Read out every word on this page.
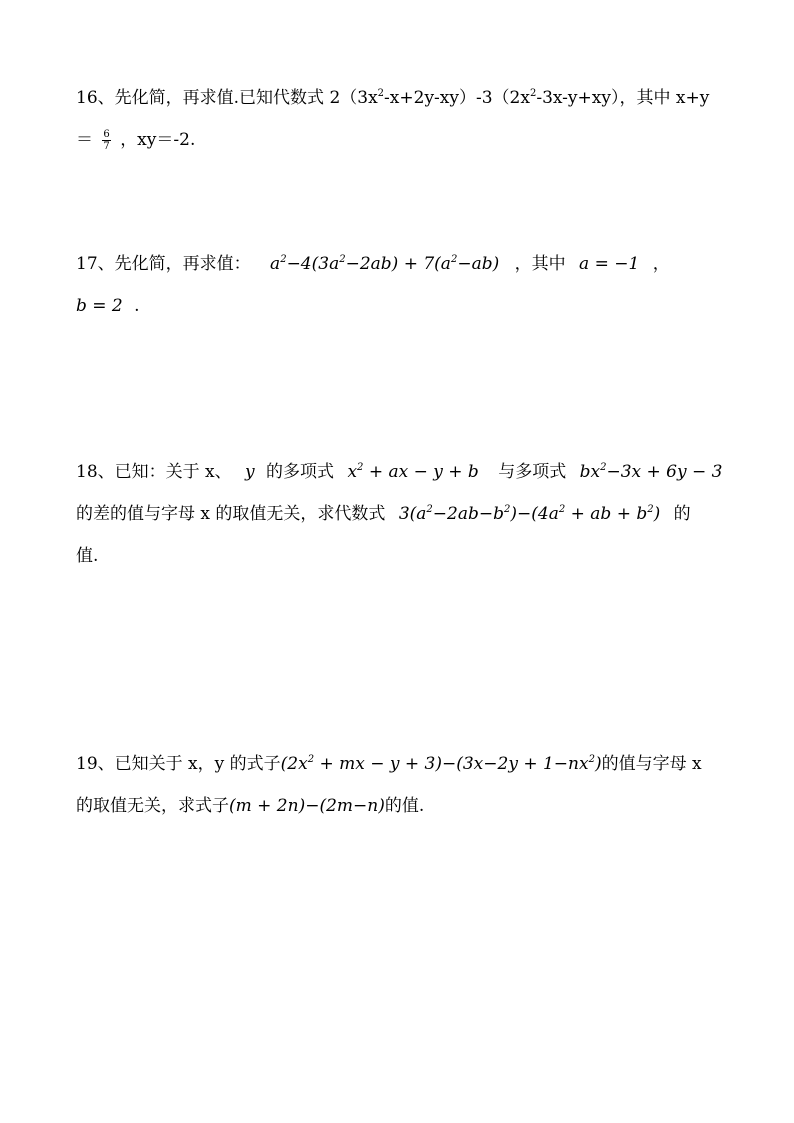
16、先化简，再求值.已知代数式 $2(3x^2-x+2y-xy)-3(2x^2-3x-y+xy)$，其中 x+y
＝ $\frac{6}{7}$ ，xy＝-2.
17、先化简，再求值： $a^2-4(3a^2-2ab) + 7(a^2-ab)$ ，其中 a = −1 ，
b = 2 .
18、已知：关于 x、 y 的多项式 $x^2$ + ax − y + b 与多项式 $bx^2-3x + 6y - 3$
的差的值与字母 x 的取值无关，求代数式 $3(a^2-2ab-b^2)-(4a^2$ + ab + $b^2$) 的
值.
19、已知关于 x，y 的式子($2x^2$ + mx − $y + 3)-(3x-2y + 1-nx^2)$的值与字母 x
的取值无关，求式子(m + 2n)−(2m−n)的值.
